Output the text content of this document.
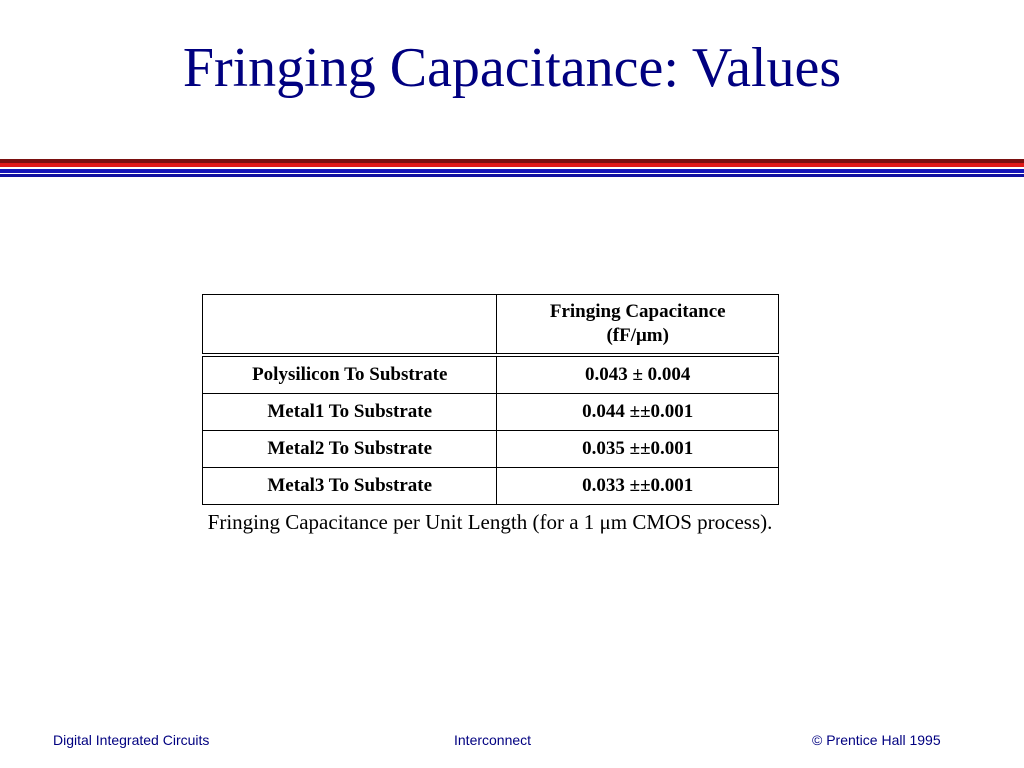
Fringing Capacitance: Values

	Fringing Capacitance
(fF/μm)

Polysilicon To Substrate	0.043 ± 0.004
Metal1 To Substrate	0.044 ±±0.001
Metal2 To Substrate	0.035 ±±0.001
Metal3 To Substrate	0.033 ±±0.001

Fringing Capacitance per Unit Length (for a 1 μm CMOS process).

Digital Integrated Circuits	Interconnect	© Prentice Hall 1995
